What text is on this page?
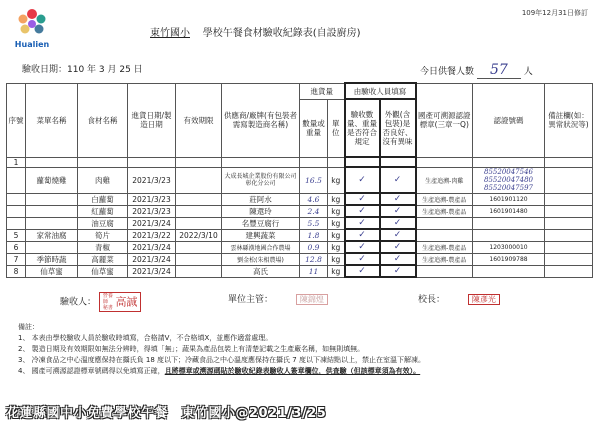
Hualien
109年12月31日修訂
東竹國小 學校午餐食材驗收紀錄表(自設廚房)
驗收日期：110 年 3 月 25 日	今日供餐人數 57 人
序號	菜單名稱	食材名稱	進貨日期/製造日期	有效期限	供應商/廠牌(有包裝者需寫製造商名稱)	進貨量		由驗收人員填寫		國產可溯源認證標章(三章一Q)	認證號碼	備註欄(如：異常狀況等)
						數量或重量	單位	驗收數量、重量是否符合規定	外觀(含包裝)是否良好、沒有異味			
1												
	蘿蔔燒雞	肉雞	2021/3/23		大成長城企業股份有限公司彰化分公司	16.5	kg	✓	✓	生產追溯-肉雞	85520047546 85520047480 85520047597	
		白蘿蔔	2021/3/23		莊阿水	4.6	kg	✓	✓	生產追溯-農產品	1601901120	
		紅蘿蔔	2021/3/23		陳還玲	2.4	kg	✓	✓	生產追溯-農產品	1601901480	
		油豆腐	2021/3/24		名豐豆腐行	5.5	kg	✓	✓			
5	家常油腐	筍片	2021/3/22	2022/3/10	建興蔬菜	1.8	kg	✓	✓			
6		青椒	2021/3/24		雲林縣漢地國合作農場	0.9	kg	✓	✓	生產追溯-農產品	1203000010	
7	季節時蔬	高麗菜	2021/3/24		劉金松(朱相農場)	12.8	kg	✓	✓	生產追溯-農產品	1601909788	
8	仙草蜜	仙草蜜	2021/3/24		高氏	11	kg	✓	✓			
驗收人： 營養師 秘書 高誠	單位主管：	陳錦煌	校長：	陳彥光
備註：
1、 本表由學校驗收人員於驗收時填寫，合格請V，不合格填X，並應作適當處理。
2、 製造日期及有效期限如無法分辨時，得填「無」；蔬果為產品包裝上有清楚記載之生產廠名稱，如無則填無。
3、 冷凍食品之中心溫度應保持在攝氏負 18 度以下；冷藏食品之中心溫度應保持在攝氏 7 度以下凍結點以上，禁止在室溫下解凍。
4、 國產可溯源認證標章號碼得以免填寫正確，且將標章或溯源碼貼於驗收紀錄表驗收人簽章欄位，供查驗（但該標章須為有效）。
花蓮縣國中小免費學校午餐　東竹國小@2021/3/25
